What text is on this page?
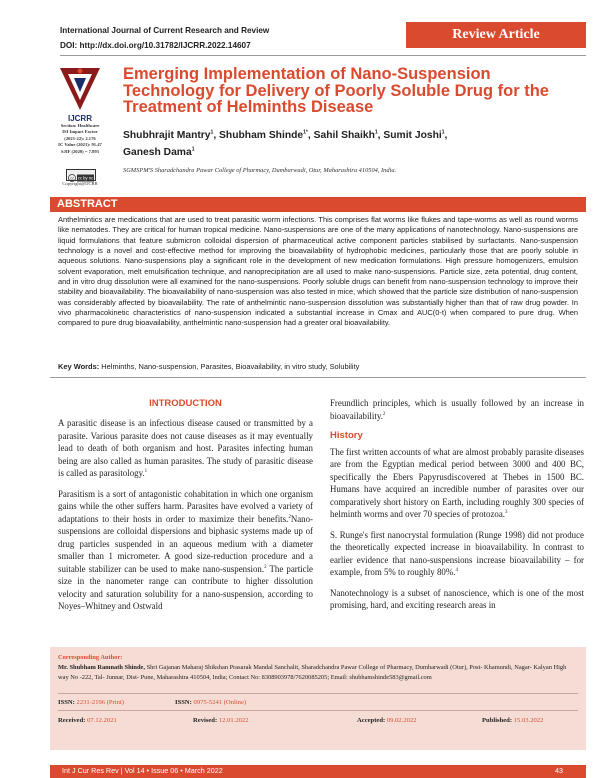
International Journal of Current Research and Review
DOI: http://dx.doi.org/10.31782/IJCRR.2022.14607
Review Article
IJCRR
Section: Healthcare
ISI Impact Factor
(2021-22): 2.176
IC Value (2021): 91.47
SJIF (2020) = 7.893
cc cc by nc
Copyright@IJCRR
Emerging Implementation of Nano-Suspension Technology for Delivery of Poorly Soluble Drug for the Treatment of Helminths Disease
Shubhrajit Mantry$^1$, Shubham Shinde$^{1*}$, Sahil Shaikh$^1$, Sumit Joshi$^1$,
Ganesh Dama$^1$
SGMSPM'S Sharadchandra Pawar College of Pharmacy, Dumbarwadi, Otur, Maharashtra 410504, India.
ABSTRACT
Anthelmintics are medications that are used to treat parasitic worm infections. This comprises flat worms like flukes and tape-worms as well as round worms like nematodes. They are critical for human tropical medicine. Nano-suspensions are one of the many applications of nanotechnology. Nano-suspensions are liquid formulations that feature submicron colloidal dispersion of pharmaceutical active component particles stabilised by surfactants. Nano-suspension technology is a novel and cost-effective method for improving the bioavailability of hydrophobic medicines, particularly those that are poorly soluble in aqueous solutions. Nano-suspensions play a significant role in the development of new medication formulations. High pressure homogenizers, emulsion solvent evaporation, melt emulsification technique, and nanoprecipitation are all used to make nano-suspensions. Particle size, zeta potential, drug content, and in vitro drug dissolution were all examined for the nano-suspensions. Poorly soluble drugs can benefit from nano-suspension technology to improve their stability and bioavailability. The bioavailability of nano-suspension was also tested in mice, which showed that the particle size distribution of nano-suspension was considerably affected by bioavailability. The rate of anthelmintic nano-suspension dissolution was substantially higher than that of raw drug powder. In vivo pharmacokinetic characteristics of nano-suspension indicated a substantial increase in Cmax and AUC(0-t) when compared to pure drug. When compared to pure drug bioavailability, anthelmintic nano-suspension had a greater oral bioavailability.
Key Words: Helminths, Nano-suspension, Parasites, Bioavailability, in vitro study, Solubility
INTRODUCTION

A parasitic disease is an infectious disease caused or transmitted by a parasite. Various parasite does not cause diseases as it may eventually lead to death of both organism and host. Parasites infecting human being are also called as human parasites. The study of parasitic disease is called as parasitology.$^1$

Parasitism is a sort of antagonistic cohabitation in which one organism gains while the other suffers harm. Parasites have evolved a variety of adaptations to their hosts in order to maximize their benefits.$^2$Nano-suspensions are colloidal dispersions and biphasic systems made up of drug particles suspended in an aqueous medium with a diameter smaller than 1 micrometer. A good size-reduction procedure and a suitable stabilizer can be used to make nano-suspension.$^2$ The particle size in the nanometer range can contribute to higher dissolution velocity and saturation solubility for a nano-suspension, according to Noyes–Whitney and Ostwald

Freundlich principles, which is usually followed by an increase in bioavailability.$^2$

History

The first written accounts of what are almost probably parasite diseases are from the Egyptian medical period between 3000 and 400 BC, specifically the Ebers Papyrusdiscovered at Thebes in 1500 BC. Humans have acquired an incredible number of parasites over our comparatively short history on Earth, including roughly 300 species of helminth worms and over 70 species of protozoa.$^3$

S. Runge's first nanocrystal formulation (Runge 1998) did not produce the theoretically expected increase in bioavailability. In contrast to earlier evidence that nano-suspensions increase bioavailability – for example, from 5% to roughly 80%.$^4$

Nanotechnology is a subset of nanoscience, which is one of the most promising, hard, and exciting research areas in

Corresponding Author:
Mr. Shubham Ramnath Shinde, Shri Gajanan Maharaj Shikshan Prasarak Mandal Sanchalit, Sharadchandra Pawar College of Pharmacy, Dumbarwadi (Otur), Post- Khamundi, Nagar- Kalyan High way No -222, Tal- Junnar, Dist- Pune, Maharashtra 410504, India; Contact No: 8308903978/7620085205; Email: shubhamshinde583@gmail.com
ISSN: 2231-2196 (Print)	ISSN: 0975-5241 (Online)
Received: 07.12.2021	Revised: 12.01.2022	Accepted: 09.02.2022	Published: 15.03.2022
Int J Cur Res Rev | Vol 14 • Issue 06 • March 2022	43
